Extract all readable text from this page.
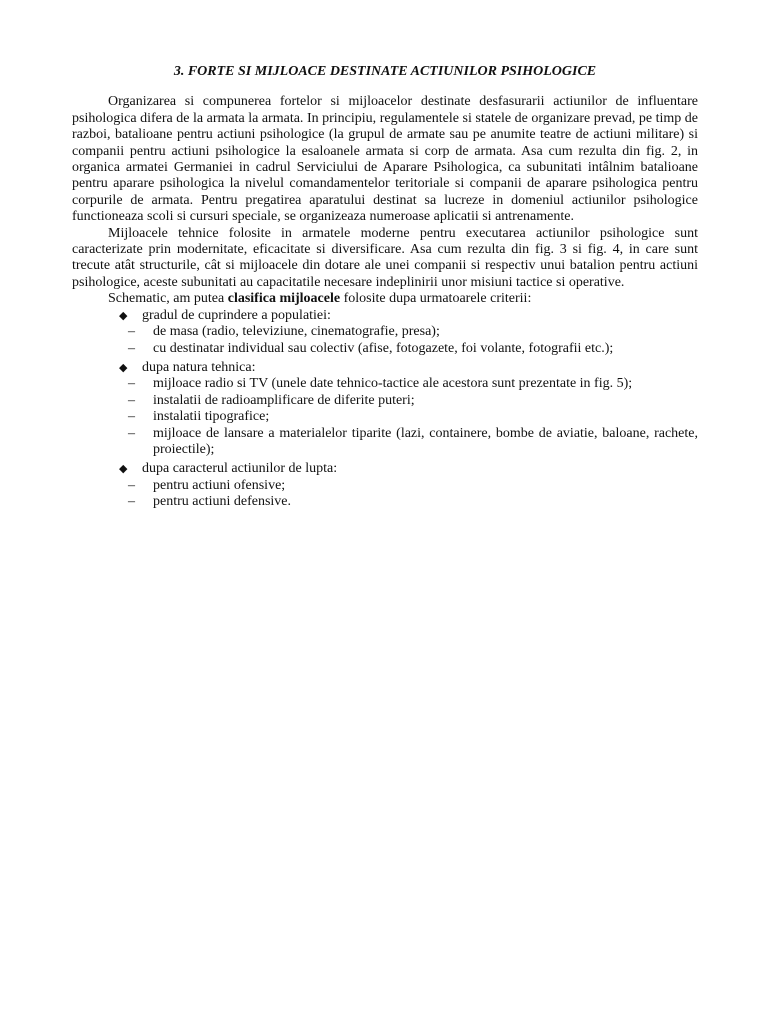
3. FORTE SI MIJLOACE DESTINATE ACTIUNILOR PSIHOLOGICE

Organizarea si compunerea fortelor si mijloacelor destinate desfasurarii actiunilor de influentare psihologica difera de la armata la armata. In principiu, regulamentele si statele de organizare prevad, pe timp de razboi, batalioane pentru actiuni psihologice (la grupul de armate sau pe anumite teatre de actiuni militare) si companii pentru actiuni psihologice la esaloanele armata si corp de armata. Asa cum rezulta din fig. 2, in organica armatei Germaniei in cadrul Serviciului de Aparare Psihologica, ca subunitati intâlnim batalioane pentru aparare psihologica la nivelul comandamentelor teritoriale si companii de aparare psihologica pentru corpurile de armata. Pentru pregatirea aparatului destinat sa lucreze in domeniul actiunilor psihologice functioneaza scoli si cursuri speciale, se organizeaza numeroase aplicatii si antrenamente.

Mijloacele tehnice folosite in armatele moderne pentru executarea actiunilor psihologice sunt caracterizate prin modernitate, eficacitate si diversificare. Asa cum rezulta din fig. 3 si fig. 4, in care sunt trecute atât structurile, cât si mijloacele din dotare ale unei companii si respectiv unui batalion pentru actiuni psihologice, aceste subunitati au capacitatile necesare indeplinirii unor misiuni tactice si operative.

Schematic, am putea clasifica mijloacele folosite dupa urmatoarele criterii:

◆ gradul de cuprindere a populatiei:
– de masa (radio, televiziune, cinematografie, presa);
– cu destinatar individual sau colectiv (afise, fotogazete, foi volante, fotografii etc.);
◆ dupa natura tehnica:
– mijloace radio si TV (unele date tehnico-tactice ale acestora sunt prezentate in fig. 5);
– instalatii de radioamplificare de diferite puteri;
– instalatii tipografice;
– mijloace de lansare a materialelor tiparite (lazi, containere, bombe de aviatie, baloane, rachete, proiectile);
◆ dupa caracterul actiunilor de lupta:
– pentru actiuni ofensive;
– pentru actiuni defensive.
